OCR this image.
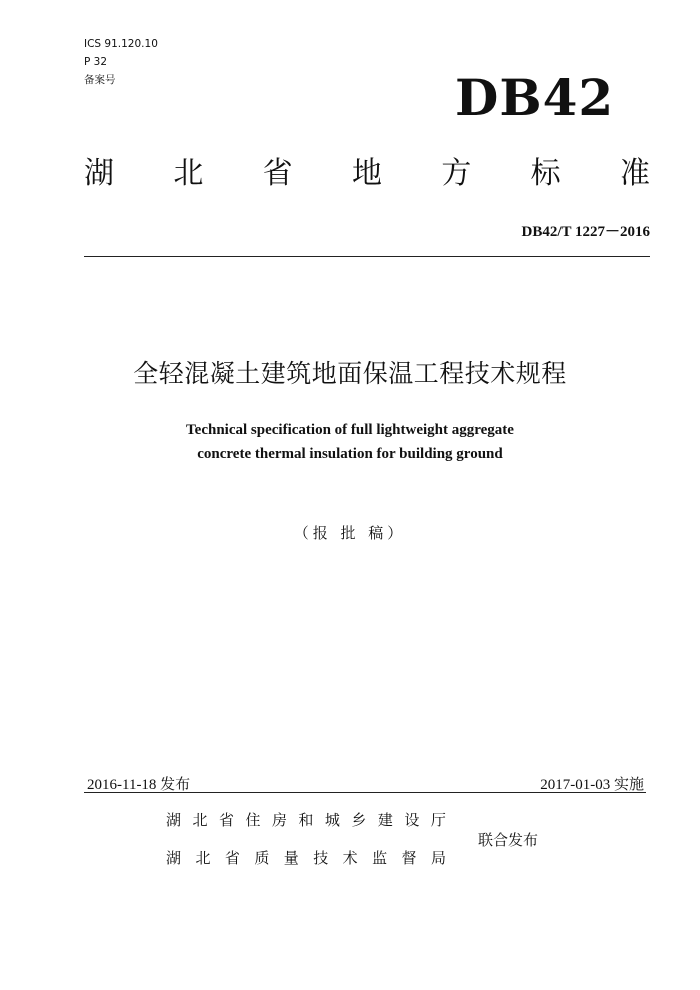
ICS 91.120.10
P 32
备案号	DB42
湖 北 省 地 方 标 准
DB42/T 1227－2016
全轻混凝土建筑地面保温工程技术规程
Technical specification of full lightweight aggregate
concrete thermal insulation for building ground
（报 批 稿）
2016-11-18 发布	2017-01-03 实施
湖 北 省 住 房 和 城 乡 建 设 厅
湖 北 省 质 量 技 术 监 督 局
联合发布
